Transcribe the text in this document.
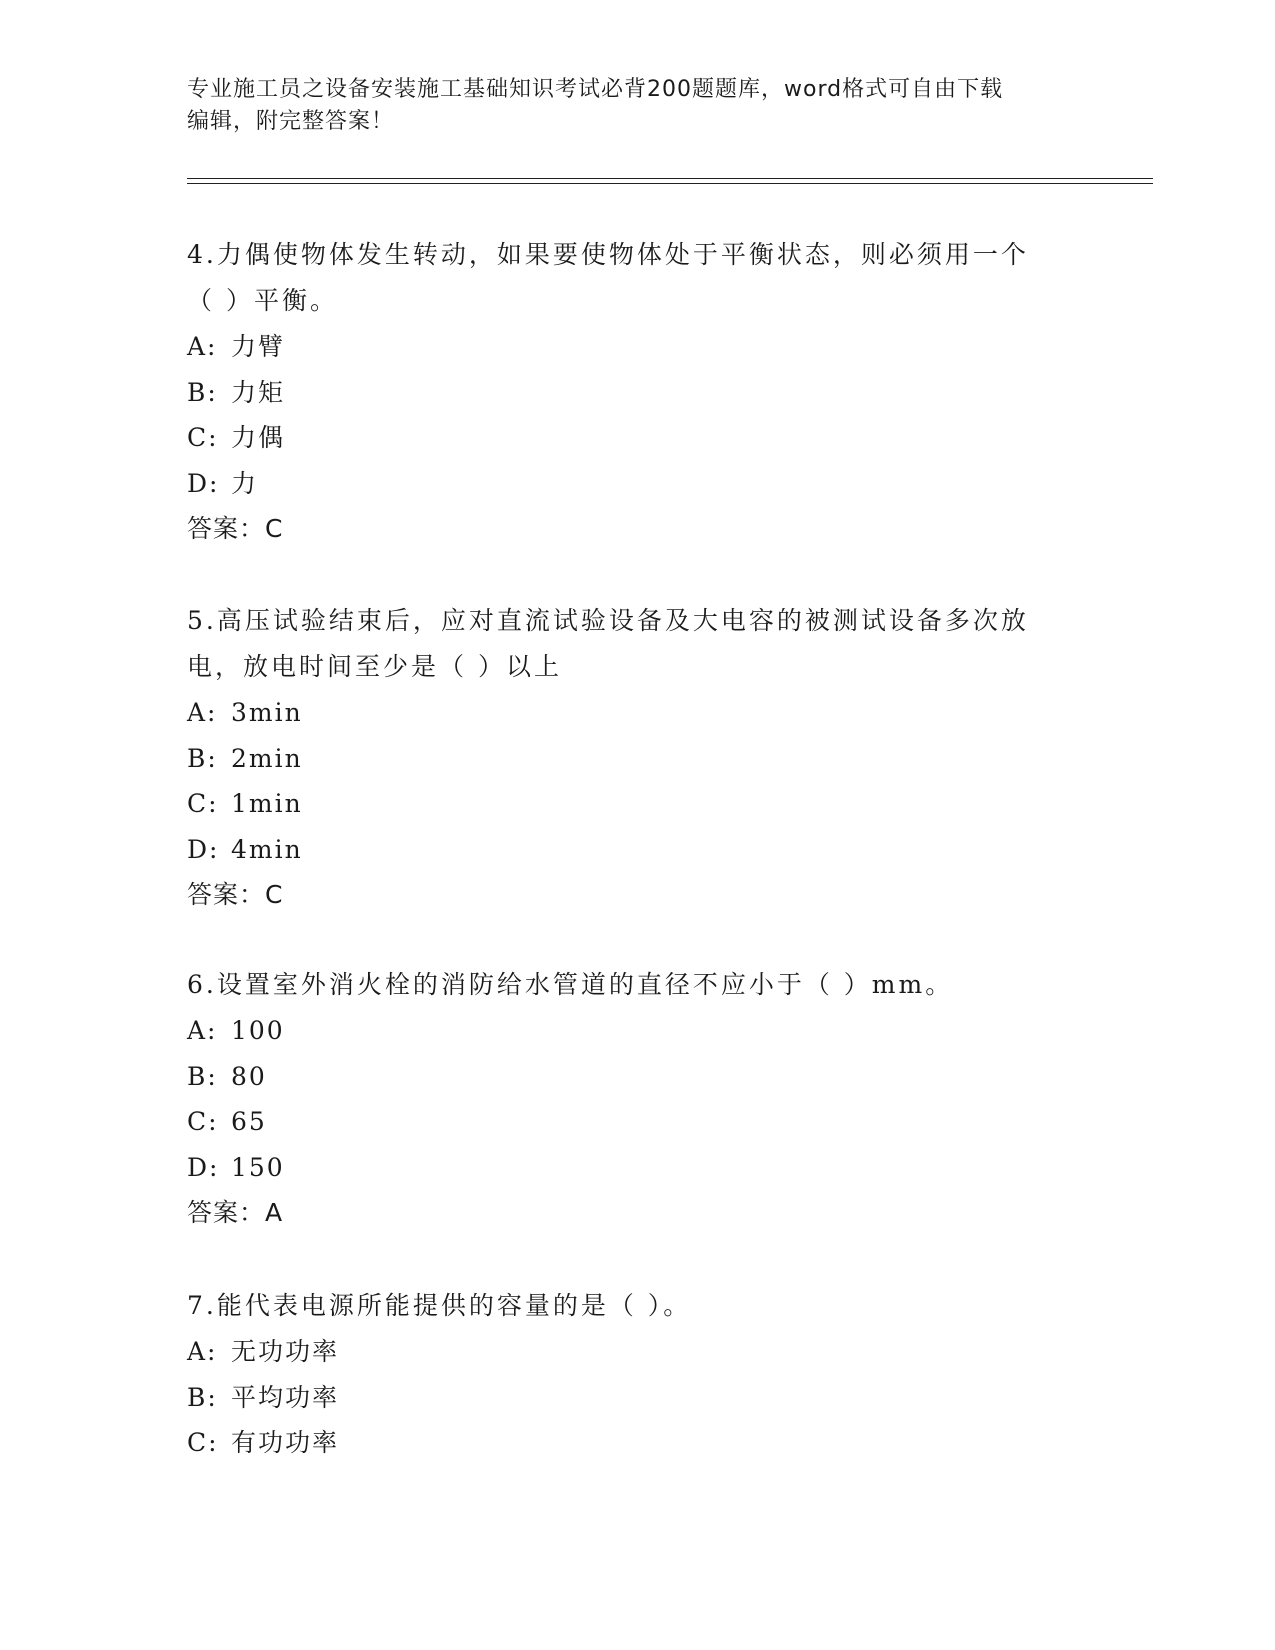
专业施工员之设备安装施工基础知识考试必背200题题库，word格式可自由下载
编辑，附完整答案！
4.力偶使物体发生转动，如果要使物体处于平衡状态，则必须用一个
（ ）平衡。
A: 力臂
B: 力矩
C: 力偶
D: 力
答案：C
5.高压试验结束后，应对直流试验设备及大电容的被测试设备多次放
电，放电时间至少是（ ）以上
A: 3min
B: 2min
C: 1min
D: 4min
答案：C
6.设置室外消火栓的消防给水管道的直径不应小于（ ）mm。
A: 100
B: 80
C: 65
D: 150
答案：A
7.能代表电源所能提供的容量的是（ ）。
A: 无功功率
B: 平均功率
C: 有功功率
